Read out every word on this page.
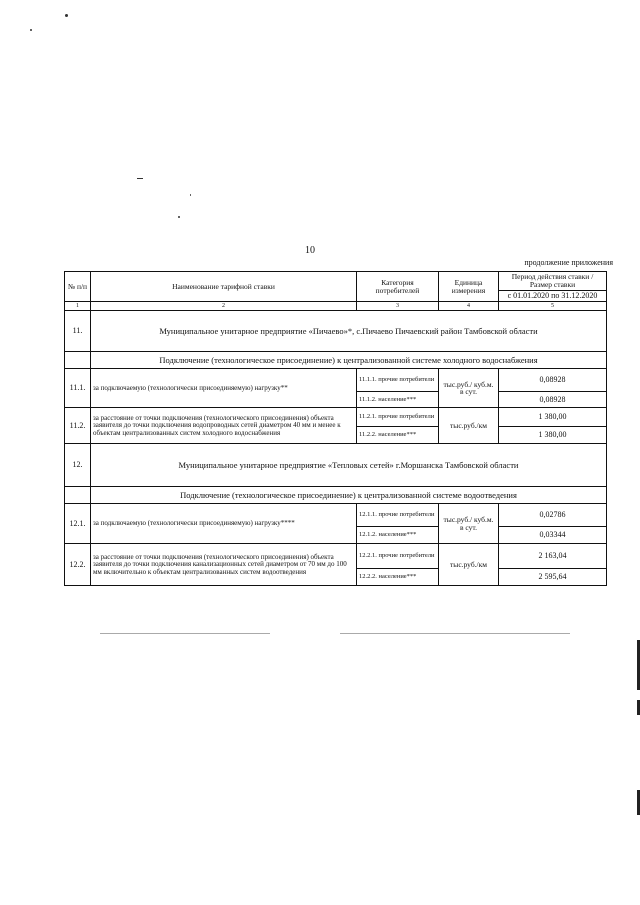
10
продолжение приложения
№ п/п	Наименование тарифной ставки	Категория потребителей	Единица измерения	Период действия ставки /Размер ставки
				с 01.01.2020 по 31.12.2020
1	2	3	4	5
11.	Муниципальное унитарное предприятие «Пичаево»*, с.Пичаево Пичаевский район Тамбовской области			
	Подключение (технологическое присоединение) к централизованной системе холодного водоснабжения			
11.1.	за подключаемую (технологически присоединяемую) нагрузку**	11.1.1. прочие потребители	тыс.руб./ куб.м. в сут.	0,08928
		11.1.2. население***		0,08928
11.2.	за расстояние от точки подключения (технологического присоединения) объекта заявителя до точки подключения водопроводных сетей диаметром 40 мм и менее к объектам централизованных систем холодного водоснабжения	11.2.1. прочие потребители	тыс.руб./км	1 380,00
		11.2.2. население***		1 380,00
12.	Муниципальное унитарное предприятие «Тепловых сетей» г.Моршанска Тамбовской области			
	Подключение (технологическое присоединение) к централизованной системе водоотведения			
12.1.	за подключаемую (технологически присоединяемую) нагрузку****	12.1.1. прочие потребители	тыс.руб./ куб.м. в сут.	0,02786
		12.1.2. население***		0,03344
12.2.	за расстояние от точки подключения (технологического присоединения) объекта заявителя до точки подключения канализационных сетей диаметром от 70 мм до 100 мм включительно к объектам централизованных систем водоотведения	12.2.1. прочие потребители	тыс.руб./км	2 163,04
		12.2.2. население***		2 595,64
